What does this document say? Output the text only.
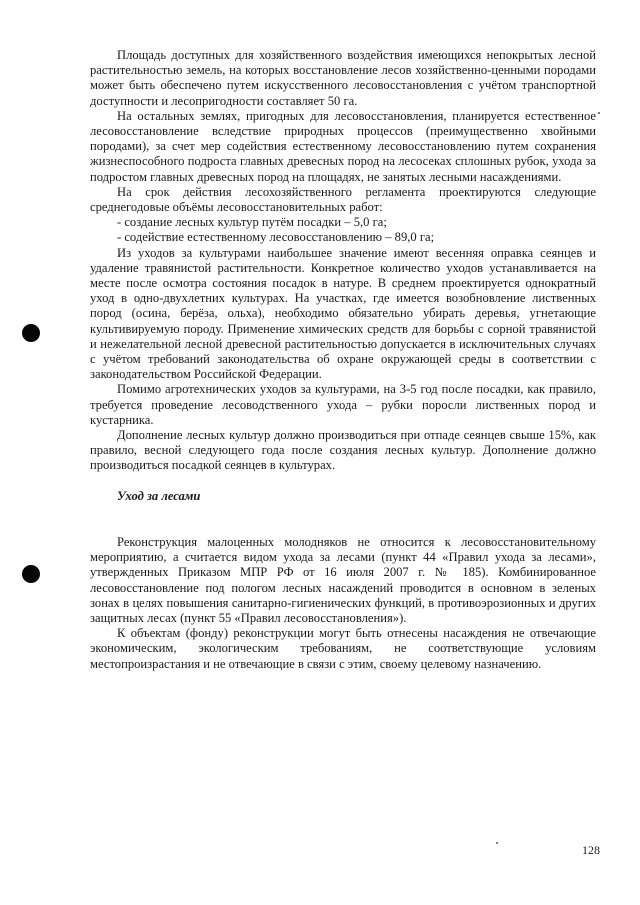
Площадь доступных для хозяйственного воздействия имеющихся непокрытых лесной растительностью земель, на которых восстановление лесов хозяйственно-ценными породами может быть обеспечено путем искусственного лесовосстановления с учётом транспортной доступности и лесопригодности составляет 50 га.

На остальных землях, пригодных для лесовосстановления, планируется естественное лесовосстановление вследствие природных процессов (преимущественно хвойными породами), за счет мер содействия естественному лесовосстановлению путем сохранения жизнеспособного подроста главных древесных пород на лесосеках сплошных рубок, ухода за подростом главных древесных пород на площадях, не занятых лесными насаждениями.

На срок действия лесохозяйственного регламента проектируются следующие среднегодовые объёмы лесовосстановительных работ:

- создание лесных культур путём посадки – 5,0 га;

- содействие естественному лесовосстановлению – 89,0 га;

Из уходов за культурами наибольшее значение имеют весенняя оправка сеянцев и удаление травянистой растительности. Конкретное количество уходов устанавливается на месте после осмотра состояния посадок в натуре. В среднем проектируется однократный уход в одно-двухлетних культурах. На участках, где имеется возобновление лиственных пород (осина, берёза, ольха), необходимо обязательно убирать деревья, угнетающие культивируемую породу. Применение химических средств для борьбы с сорной травянистой и нежелательной лесной древесной растительностью допускается в исключительных случаях с учётом требований законодательства об охране окружающей среды в соответствии с законодательством Российской Федерации.

Помимо агротехнических уходов за культурами, на 3-5 год после посадки, как правило, требуется проведение лесоводственного ухода – рубки поросли лиственных пород и кустарника.

Дополнение лесных культур должно производиться при отпаде сеянцев свыше 15%, как правило, весной следующего года после создания лесных культур. Дополнение должно производиться посадкой сеянцев в культурах.

Уход за лесами

Реконструкция малоценных молодняков не относится к лесовосстановительному мероприятию, а считается видом ухода за лесами (пункт 44 «Правил ухода за лесами», утвержденных Приказом МПР РФ от 16 июля 2007 г. № 185). Комбинированное лесовосстановление под пологом лесных насаждений проводится в основном в зеленых зонах в целях повышения санитарно-гигиенических функций, в противоэрозионных и других защитных лесах (пункт 55 «Правил лесовосстановления»).

К объектам (фонду) реконструкции могут быть отнесены насаждения не отвечающие экономическим, экологическим требованиям, не соответствующие условиям местопроизрастания и не отвечающие в связи с этим, своему целевому назначению.

128
